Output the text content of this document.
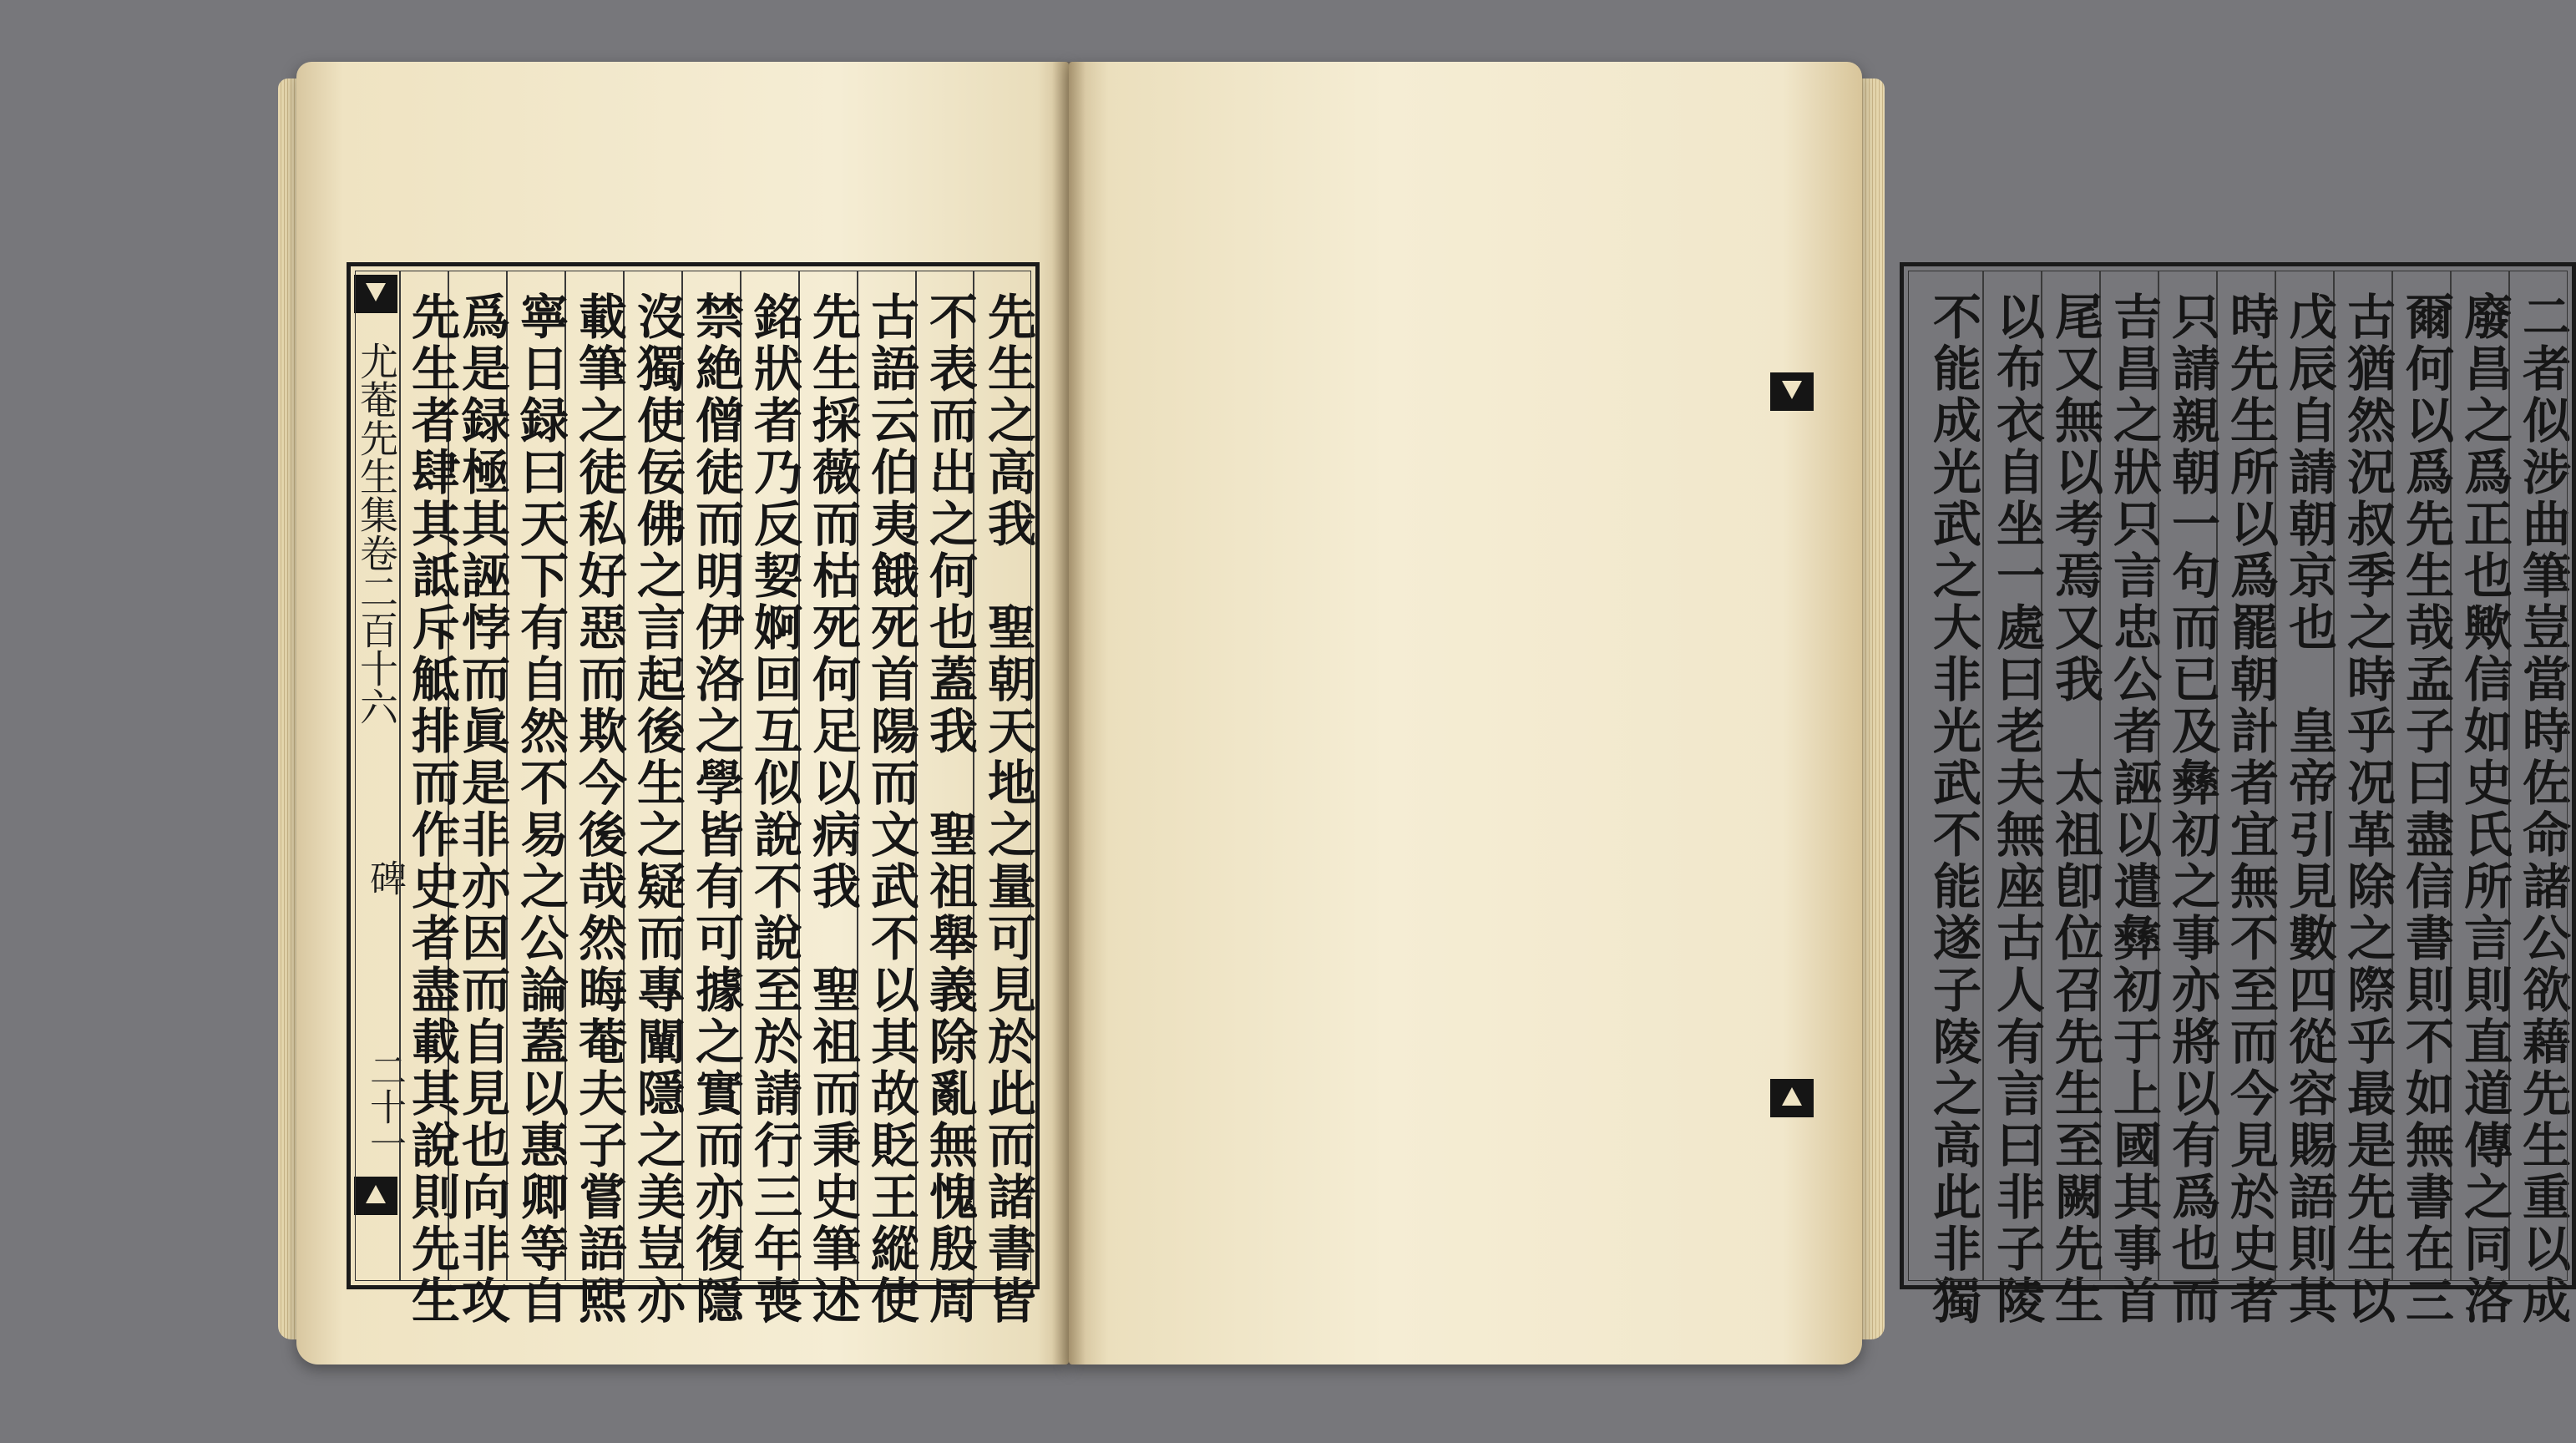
尤菴先生集卷二百十六
碑
二十一	先生之高我　聖朝天地之量可見於此而諸書皆
不表而出之何也蓋我　聖祖舉義除亂無愧殷周
古語云伯夷餓死首陽而文武不以其故貶王縱使
先生採薇而枯死何足以病我　聖祖而秉史筆述
銘狀者乃反㛃婀回互似說不說至於請行三年喪
禁絶僧徒而明伊洛之學皆有可據之實而亦復隱
沒獨使佞佛之言起後生之疑而專闡隱之美豈亦
載筆之徒私好惡而欺今後哉然晦菴夫子嘗語熙
寧日録曰天下有自然不易之公論蓋以惠卿等自
爲是録極其誣悖而眞是非亦因而自見也向非攻
先生者肆其詆斥觝排而作史者盡載其說則先生	二者似涉曲筆豈當時佐命諸公欲藉先生重以成
廢昌之爲正也歟信如史氏所言則直道傳之同洛
爾何以爲先生哉孟子曰盡信書則不如無書在三
古猶然況叔季之時乎况革除之際乎最是先生以
戊辰自請朝京也　皇帝引見數四從容賜語則其
時先生所以爲罷朝計者宜無不至而今見於史者
只請親朝一句而已及彝初之事亦將以有爲也而
吉昌之狀只言忠公者誣以遣彝初于上國其事首
尾又無以考焉又我　太祖卽位召先生至闕先生
以布衣自坐一處曰老夫無座古人有言曰非子陵
不能成光武之大非光武不能遂子陵之高此非獨
